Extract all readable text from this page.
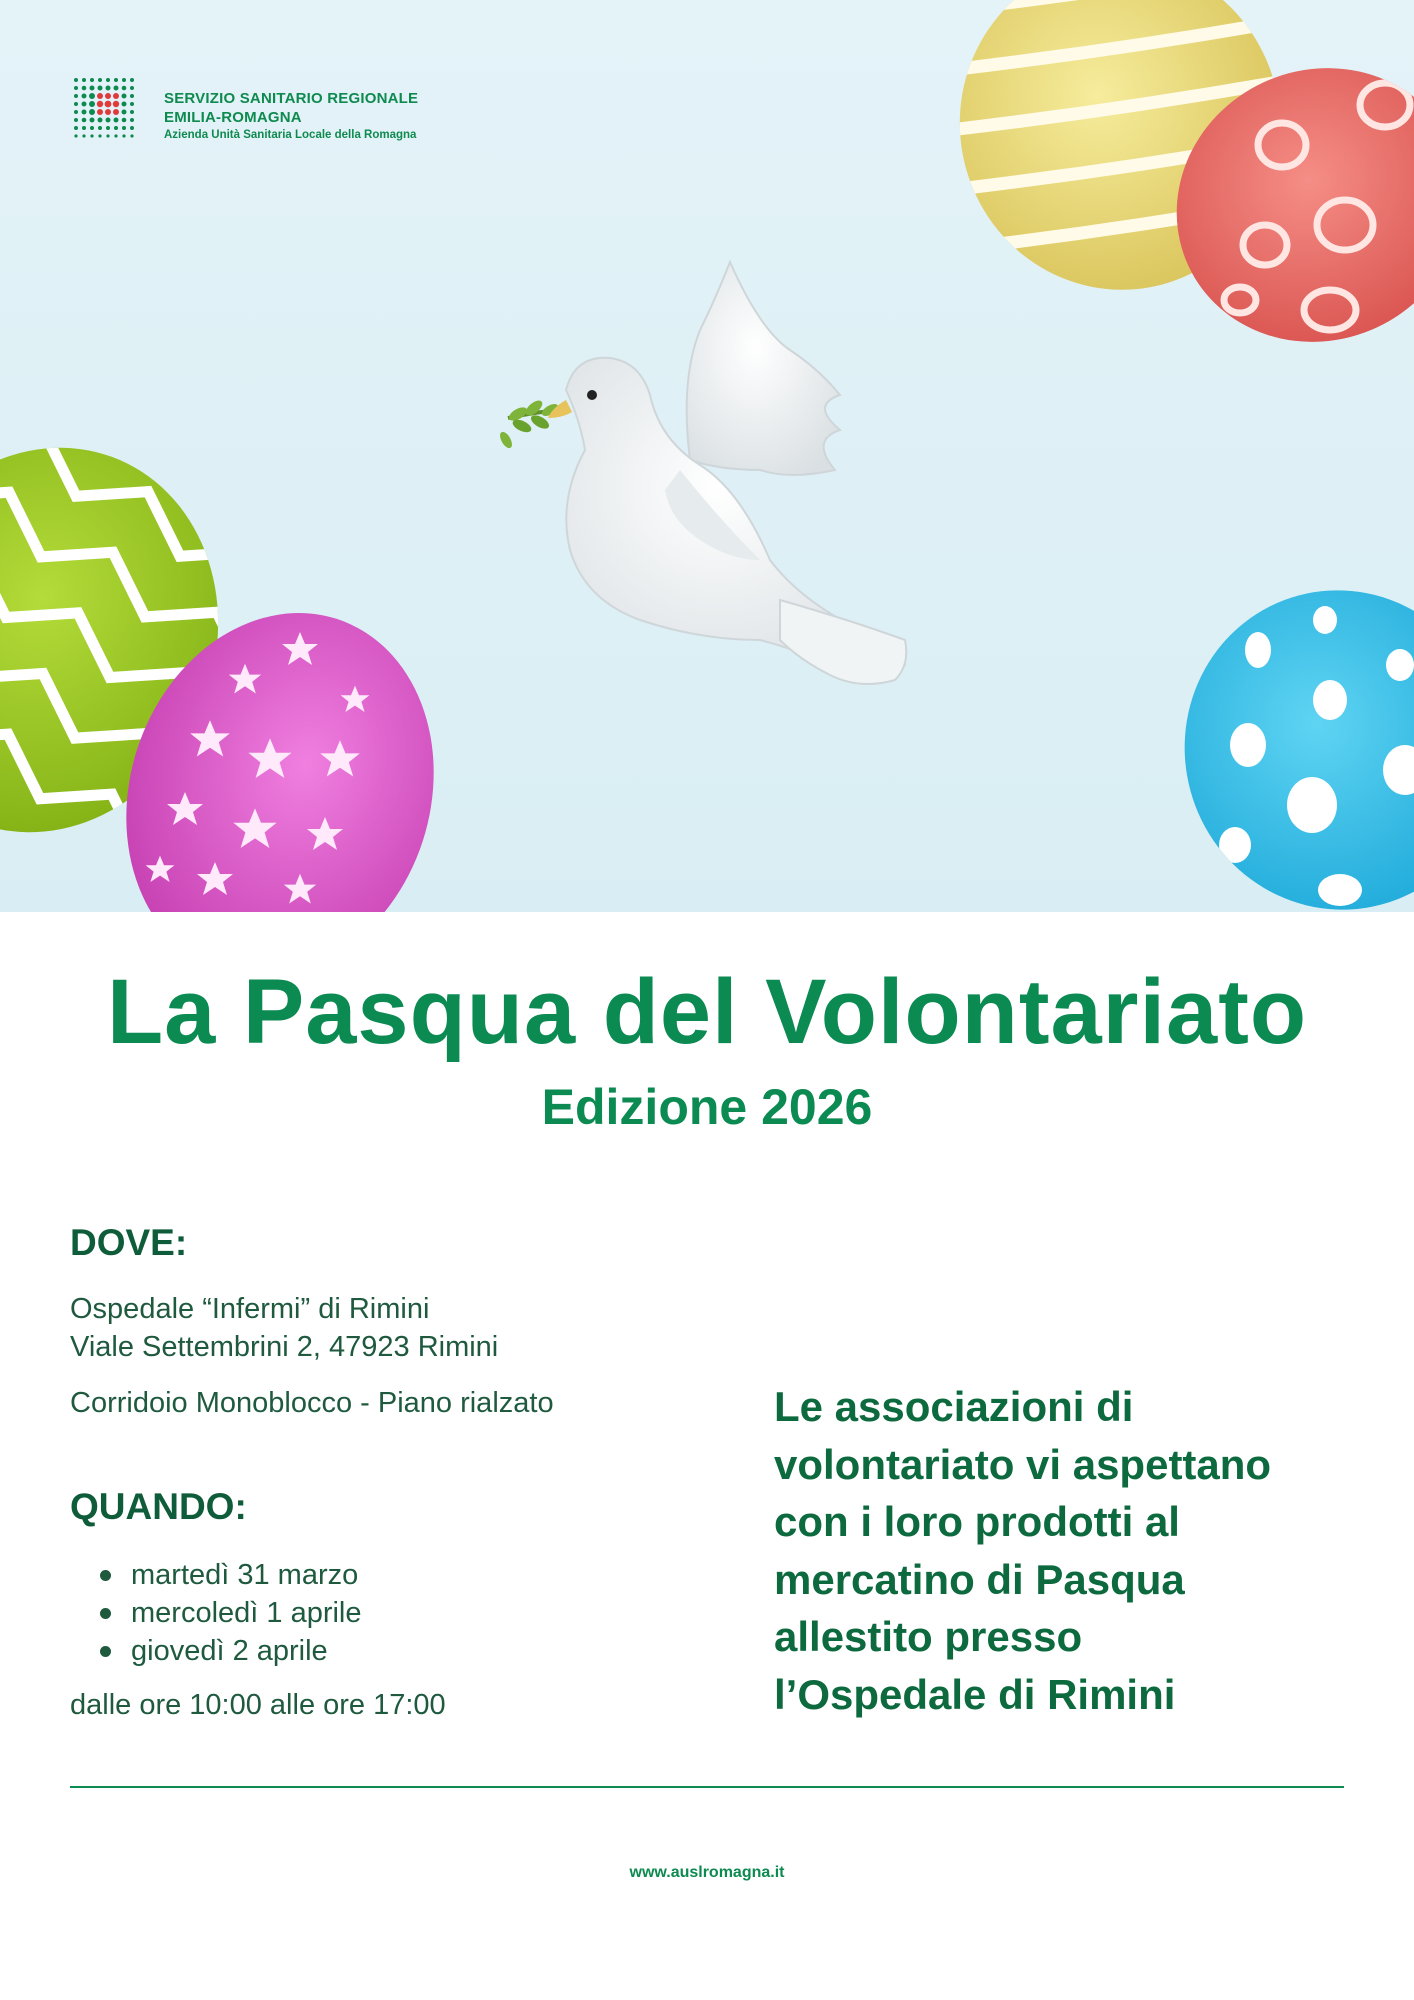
SERVIZIO SANITARIO REGIONALE
EMILIA-ROMAGNA
Azienda Unità Sanitaria Locale della Romagna
La Pasqua del Volontariato
Edizione 2026
DOVE:

Ospedale “Infermi” di Rimini

Viale Settembrini 2, 47923 Rimini

Corridoio Monoblocco - Piano rialzato

QUANDO:
martedì 31 marzo
mercoledì 1 aprile
giovedì 2 aprile

dalle ore 10:00 alle ore 17:00

Le associazioni di
volontariato vi aspettano
con i loro prodotti al
mercatino di Pasqua
allestito presso
l’Ospedale di Rimini

www.auslromagna.it
